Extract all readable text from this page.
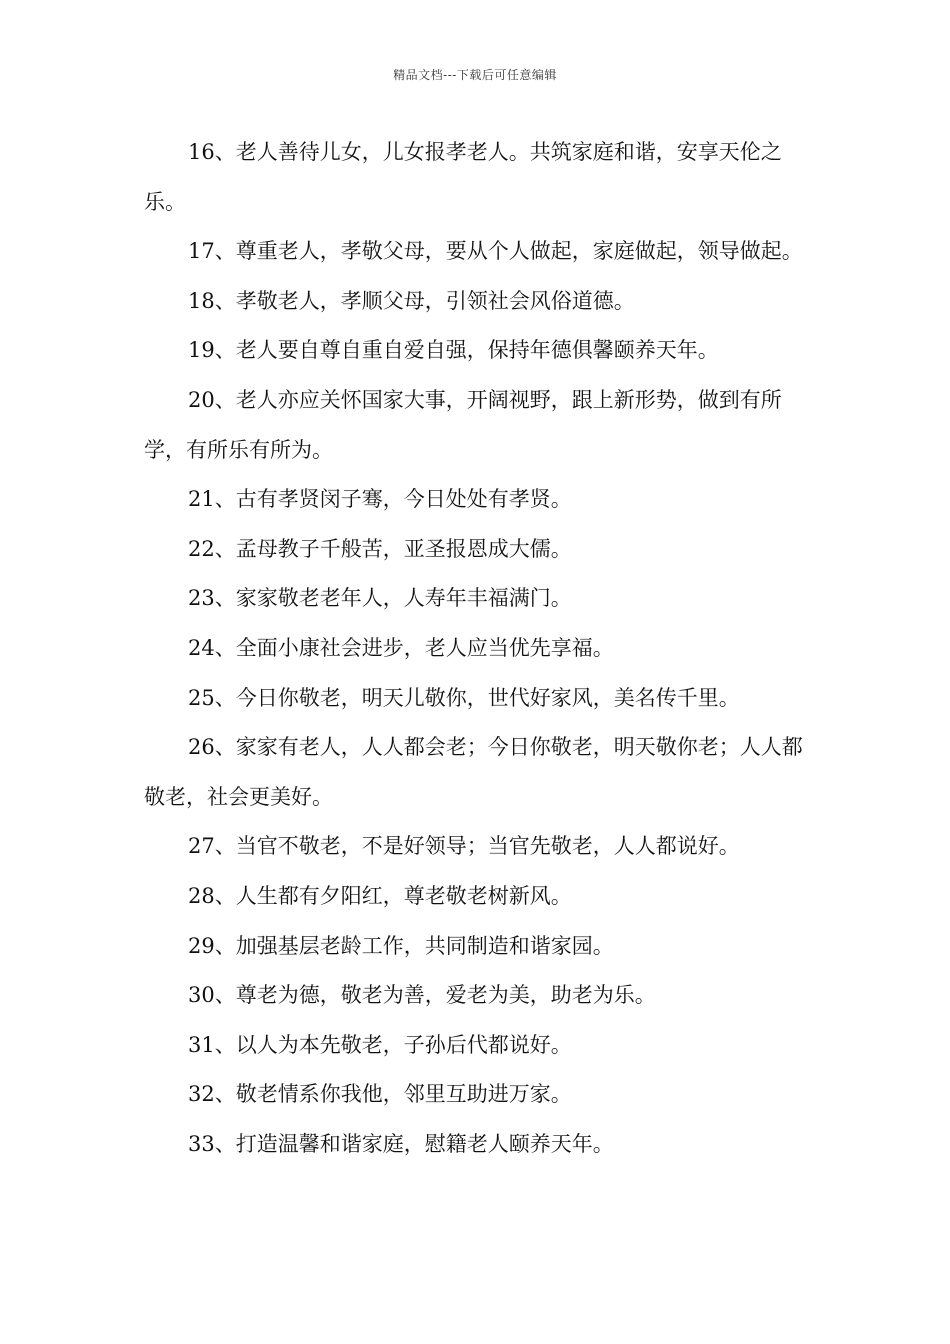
精品文档---下载后可任意编辑

16、老人善待儿女，儿女报孝老人。共筑家庭和谐，安享天伦之乐。

17、尊重老人，孝敬父母，要从个人做起，家庭做起，领导做起。

18、孝敬老人，孝顺父母，引领社会风俗道德。

19、老人要自尊自重自爱自强，保持年德俱馨颐养天年。

20、老人亦应关怀国家大事，开阔视野，跟上新形势，做到有所学，有所乐有所为。

21、古有孝贤闵子骞，今日处处有孝贤。

22、孟母教子千般苦，亚圣报恩成大儒。

23、家家敬老老年人，人寿年丰福满门。

24、全面小康社会进步，老人应当优先享福。

25、今日你敬老，明天儿敬你，世代好家风，美名传千里。

26、家家有老人，人人都会老；今日你敬老，明天敬你老；人人都敬老，社会更美好。

27、当官不敬老，不是好领导；当官先敬老，人人都说好。

28、人生都有夕阳红，尊老敬老树新风。

29、加强基层老龄工作，共同制造和谐家园。

30、尊老为德，敬老为善，爱老为美，助老为乐。

31、以人为本先敬老，子孙后代都说好。

32、敬老情系你我他，邻里互助进万家。

33、打造温馨和谐家庭，慰籍老人颐养天年。
